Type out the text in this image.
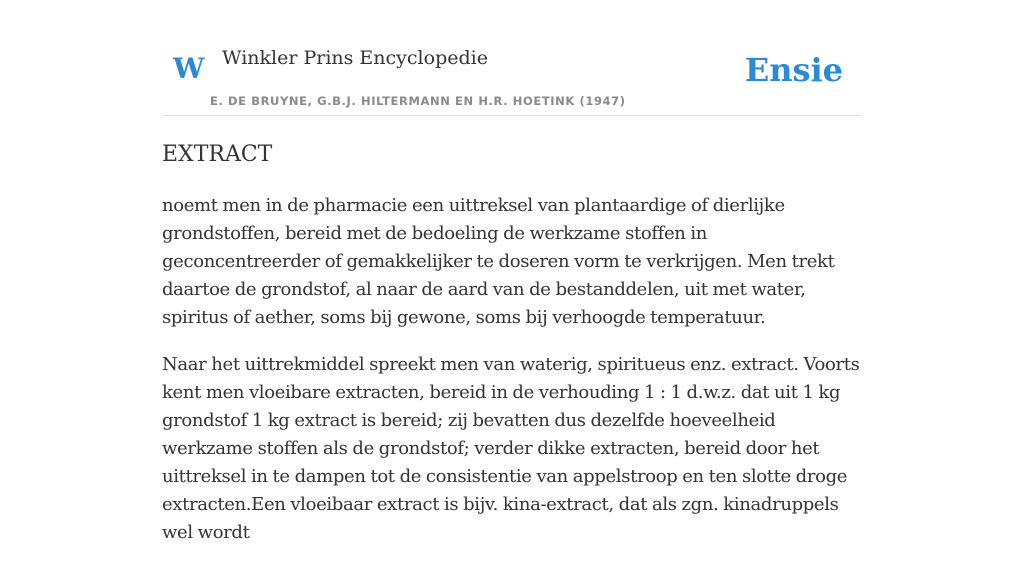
W Winkler Prins Encyclopedie
E. DE BRUYNE, G.B.J. HILTERMANN EN H.R. HOETINK (1947)
Ensie
EXTRACT

noemt men in de pharmacie een uittreksel van plantaardige of dierlijke grondstoffen, bereid met de bedoeling de werkzame stoffen in geconcentreerder of gemakkelijker te doseren vorm te verkrijgen. Men trekt daartoe de grondstof, al naar de aard van de bestanddelen, uit met water, spiritus of aether, soms bij gewone, soms bij verhoogde temperatuur.

Naar het uittrekmiddel spreekt men van waterig, spiritueus enz. extract. Voorts kent men vloeibare extracten, bereid in de verhouding 1 : 1 d.w.z. dat uit 1 kg grondstof 1 kg extract is bereid; zij bevatten dus dezelfde hoeveelheid werkzame stoffen als de grondstof; verder dikke extracten, bereid door het uittreksel in te dampen tot de consistentie van appelstroop en ten slotte droge extracten.Een vloeibaar extract is bijv. kina-extract, dat als zgn. kinadruppels wel wordt
